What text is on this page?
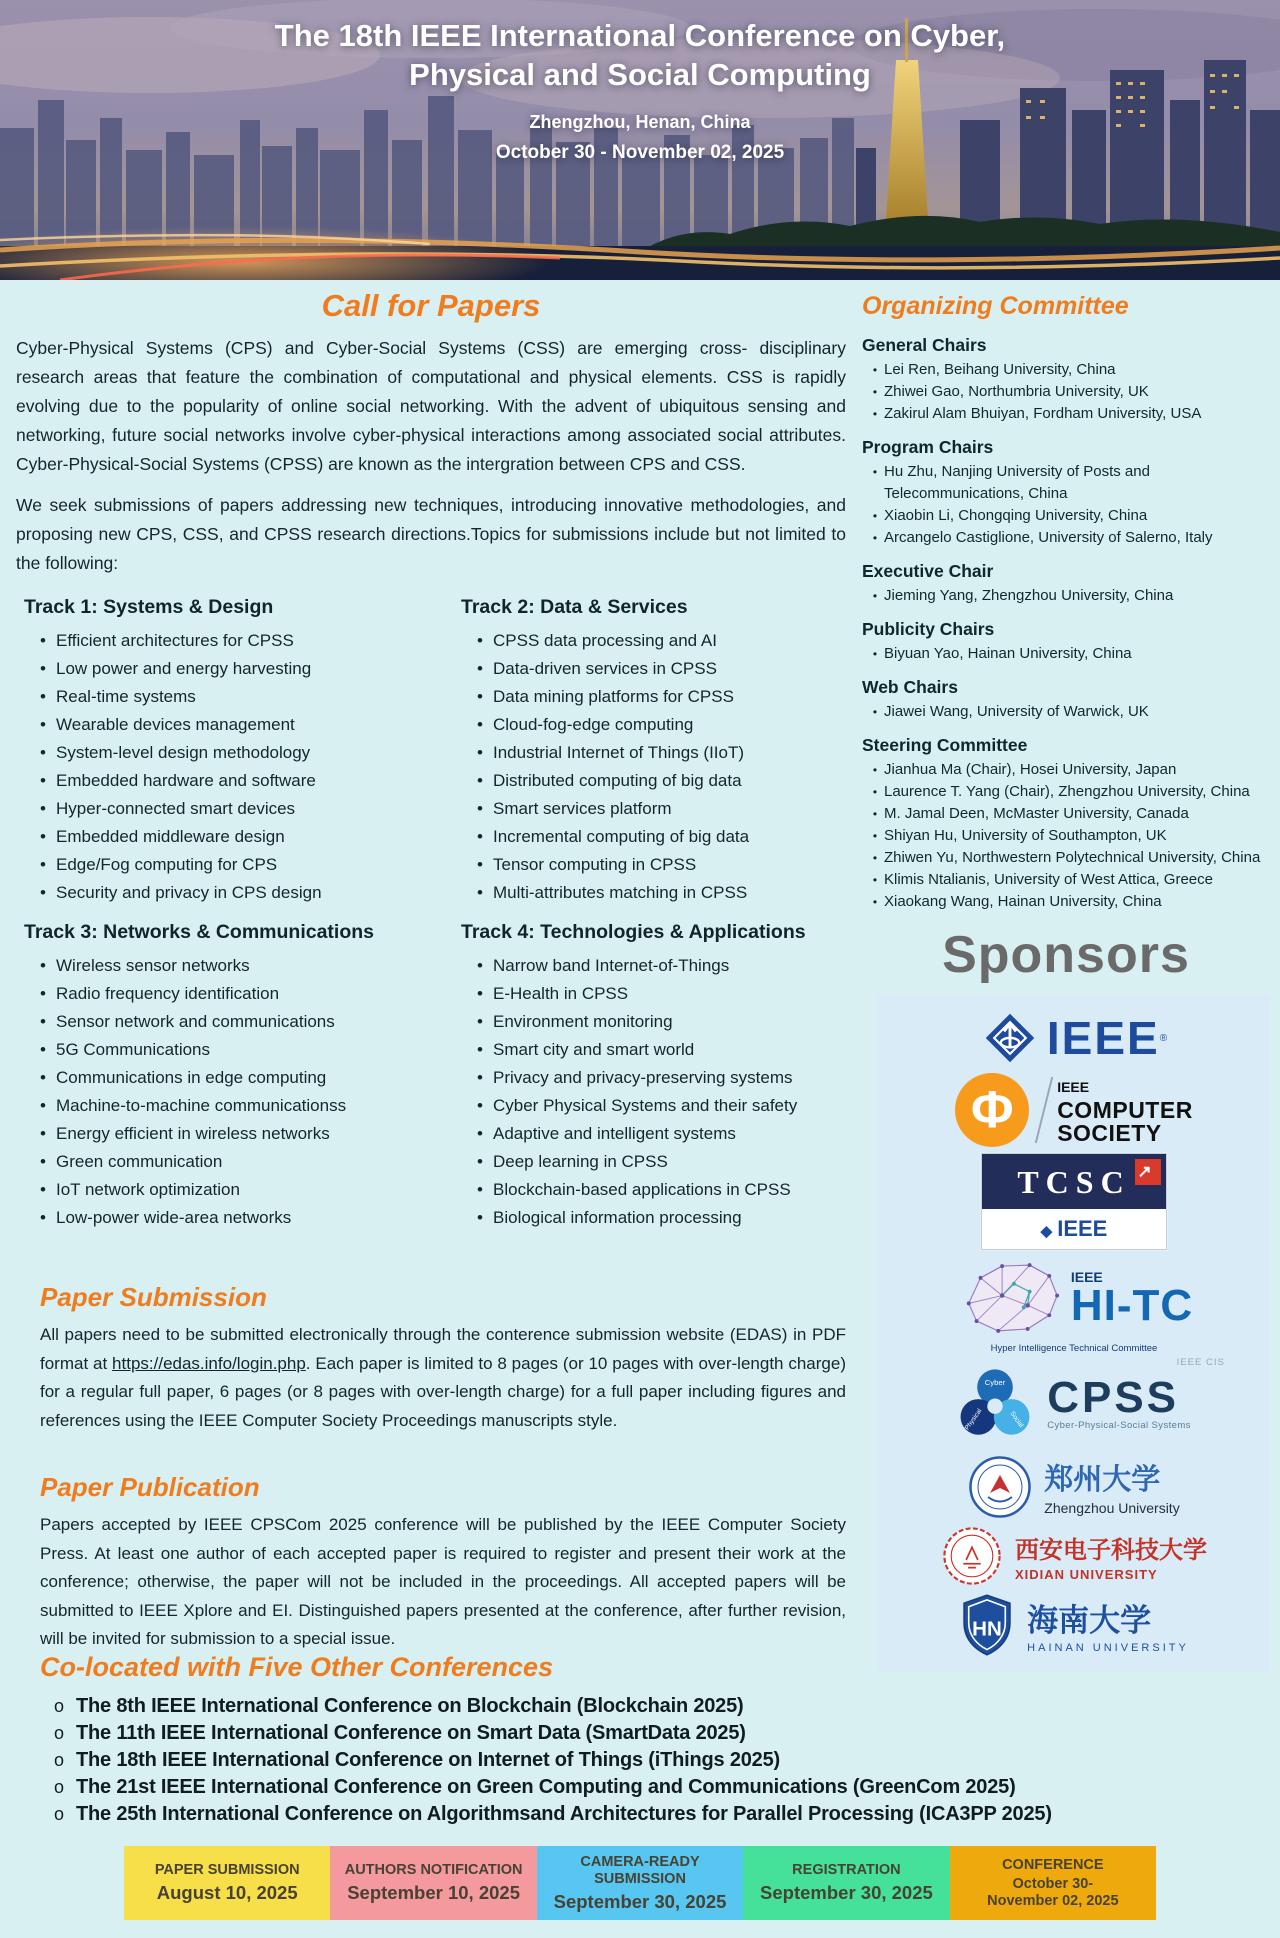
The 18th IEEE International Conference on Cyber,
Physical and Social Computing
Zhengzhou, Henan, China
October 30 - November 02, 2025
Call for Papers

Cyber-Physical Systems (CPS) and Cyber-Social Systems (CSS) are emerging cross- disciplinary research areas that feature the combination of computational and physical elements. CSS is rapidly evolving due to the popularity of online social networking. With the advent of ubiquitous sensing and networking, future social networks involve cyber-physical interactions among associated social attributes. Cyber-Physical-Social Systems (CPSS) are known as the intergration between CPS and CSS.

We seek submissions of papers addressing new techniques, introducing innovative methodologies, and proposing new CPS, CSS, and CPSS research directions.Topics for submissions include but not limited to the following:

Track 1: Systems & Design
• Efficient architectures for CPSS
• Low power and energy harvesting
• Real-time systems
• Wearable devices management
• System-level design methodology
• Embedded hardware and software
• Hyper-connected smart devices
• Embedded middleware design
• Edge/Fog computing for CPS
• Security and privacy in CPS design
Track 2: Data & Services
• CPSS data processing and AI
• Data-driven services in CPSS
• Data mining platforms for CPSS
• Cloud-fog-edge computing
• Industrial Internet of Things (IIoT)
• Distributed computing of big data
• Smart services platform
• Incremental computing of big data
• Tensor computing in CPSS
• Multi-attributes matching in CPSS
Track 3: Networks & Communications
• Wireless sensor networks
• Radio frequency identification
• Sensor network and communications
• 5G Communications
• Communications in edge computing
• Machine-to-machine communicationss
• Energy efficient in wireless networks
• Green communication
• IoT network optimization
• Low-power wide-area networks
Track 4: Technologies & Applications
• Narrow band Internet-of-Things
• E-Health in CPSS
• Environment monitoring
• Smart city and smart world
• Privacy and privacy-preserving systems
• Cyber Physical Systems and their safety
• Adaptive and intelligent systems
• Deep learning in CPSS
• Blockchain-based applications in CPSS
• Biological information processing
Paper Submission

All papers need to be submitted electronically through the conterence submission website (EDAS) in PDF format at https://edas.info/login.php. Each paper is limited to 8 pages (or 10 pages with over-length charge) for a regular full paper, 6 pages (or 8 pages with over-length charge) for a full paper including figures and references using the IEEE Computer Society Proceedings manuscripts style.

Paper Publication

Papers accepted by IEEE CPSCom 2025 conference will be published by the IEEE Computer Society Press. At least one author of each accepted paper is required to register and present their work at the conference; otherwise, the paper will not be included in the proceedings. All accepted papers will be submitted to IEEE Xplore and EI. Distinguished papers presented at the conference, after further revision, will be invited for submission to a special issue.

Co-located with Five Other Conferences
o The 8th IEEE International Conference on Blockchain (Blockchain 2025)
o The 11th IEEE International Conference on Smart Data (SmartData 2025)
o The 18th IEEE International Conference on Internet of Things (iThings 2025)
o The 21st IEEE International Conference on Green Computing and Communications (GreenCom 2025)
o The 25th International Conference on Algorithmsand Architectures for Parallel Processing (ICA3PP 2025)
Organizing Committee
General Chairs
• Lei Ren, Beihang University, China
• Zhiwei Gao, Northumbria University, UK
• Zakirul Alam Bhuiyan, Fordham University, USA
Program Chairs
• Hu Zhu, Nanjing University of Posts and Telecommunications, China
• Xiaobin Li, Chongqing University, China
• Arcangelo Castiglione, University of Salerno, Italy
Executive Chair
• Jieming Yang, Zhengzhou University, China
Publicity Chairs
• Biyuan Yao, Hainan University, China
Web Chairs
• Jiawei Wang, University of Warwick, UK
Steering Committee
• Jianhua Ma (Chair), Hosei University, Japan
• Laurence T. Yang (Chair), Zhengzhou University, China
• M. Jamal Deen, McMaster University, Canada
• Shiyan Hu, University of Southampton, UK
• Zhiwen Yu, Northwestern Polytechnical University, China
• Klimis Ntalianis, University of West Attica, Greece
• Xiaokang Wang, Hainan University, China
Sponsors
IEEE ®
Φ	IEEE
COMPUTER
SOCIETY
TCSC ↗
◆ IEEE
IEEE
HI-TC
Hyper Intelligence Technical Committee
IEEE CIS
Cyber
Physical	Social CPSS
Cyber-Physical-Social Systems
郑州大学
Zhengzhou University
西安电子科技大学
XIDIAN UNIVERSITY
HN 海南大学
HAINAN UNIVERSITY
PAPER SUBMISSION
August 10, 2025
AUTHORS NOTIFICATION
September 10, 2025
CAMERA-READY SUBMISSION
September 30, 2025
REGISTRATION
September 30, 2025
CONFERENCE
October 30-
November 02, 2025
